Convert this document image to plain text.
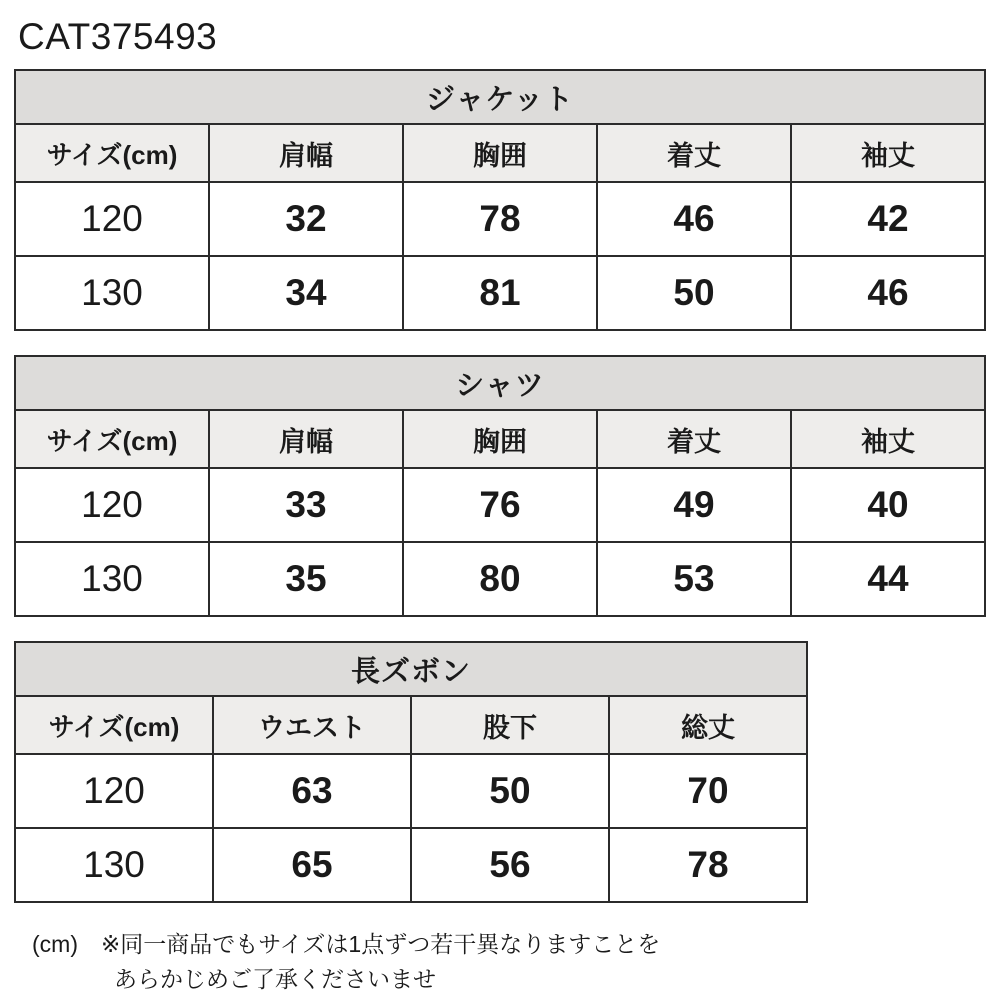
CAT375493
ジャケット				
サイズ(cm)	肩幅	胸囲	着丈	袖丈
120	32	78	46	42
130	34	81	50	46
シャツ				
サイズ(cm)	肩幅	胸囲	着丈	袖丈
120	33	76	49	40
130	35	80	53	44
長ズボン			
サイズ(cm)	ウエスト	股下	総丈
120	63	50	70
130	65	56	78
(cm)　※同一商品でもサイズは1点ずつ若干異なりますことを
あらかじめご了承くださいませ
